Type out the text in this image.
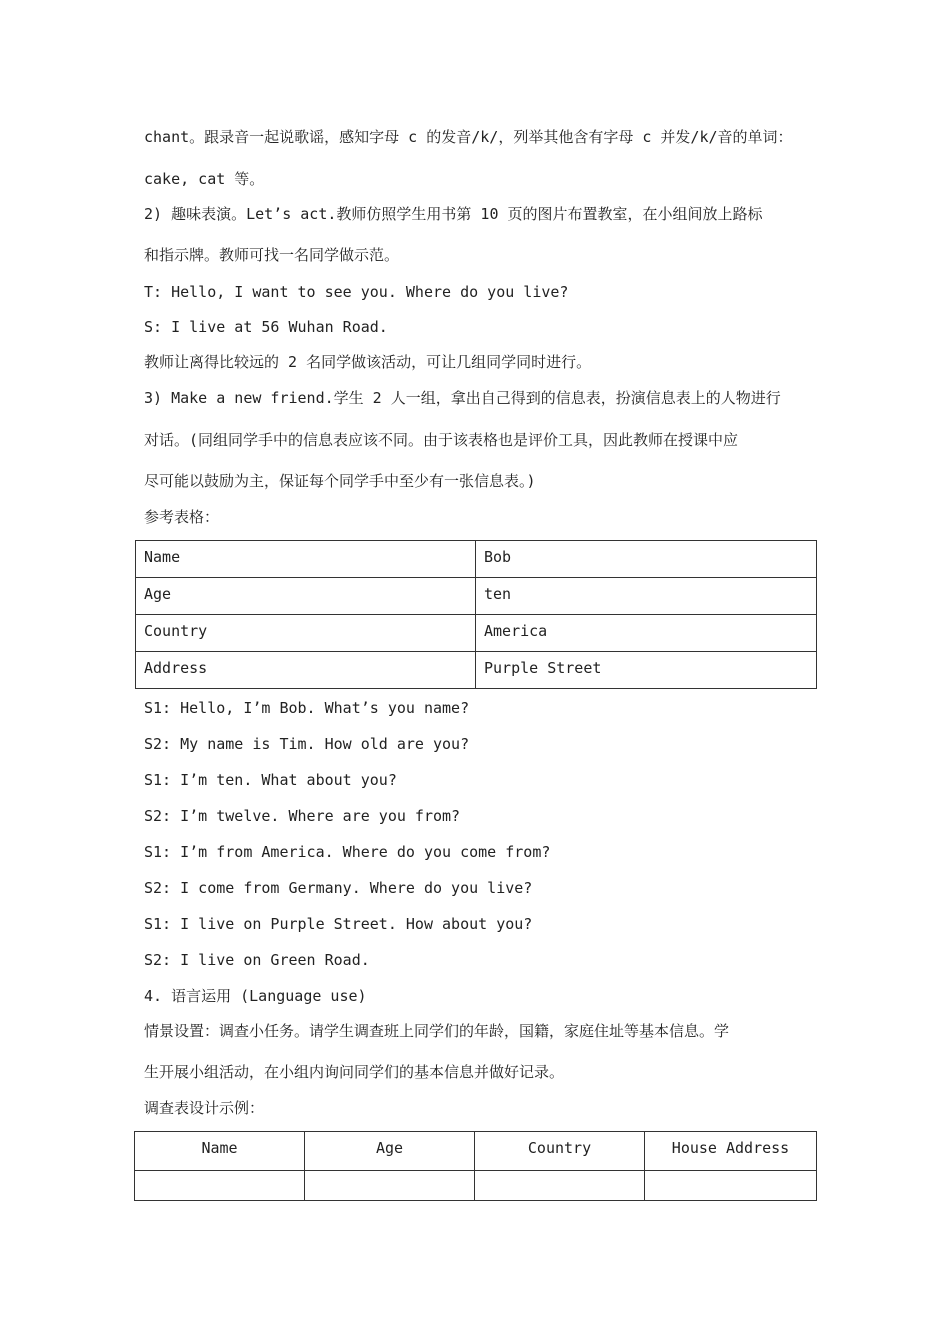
chant。跟录音一起说歌谣，感知字母 c 的发音/k/，列举其他含有字母 c 并发/k/音的单词：
cake, cat 等。
2) 趣味表演。Let’s act.教师仿照学生用书第 10 页的图片布置教室，在小组间放上路标
和指示牌。教师可找一名同学做示范。
T: Hello, I want to see you. Where do you live?
S: I live at 56 Wuhan Road.
教师让离得比较远的 2 名同学做该活动，可让几组同学同时进行。
3) Make a new friend.学生 2 人一组，拿出自己得到的信息表，扮演信息表上的人物进行
对话。(同组同学手中的信息表应该不同。由于该表格也是评价工具，因此教师在授课中应
尽可能以鼓励为主，保证每个同学手中至少有一张信息表。)
参考表格：
Name	Bob
Age	ten
Country	America
Address	Purple Street
S1: Hello, I’m Bob. What’s you name?
S2: My name is Tim. How old are you?
S1: I’m ten. What about you?
S2: I’m twelve. Where are you from?
S1: I’m from America. Where do you come from?
S2: I come from Germany. Where do you live?
S1: I live on Purple Street. How about you?
S2: I live on Green Road.
4. 语言运用 (Language use)
情景设置：调查小任务。请学生调查班上同学们的年龄，国籍，家庭住址等基本信息。学
生开展小组活动，在小组内询问同学们的基本信息并做好记录。
调查表设计示例：
Name	Age	Country	House Address
